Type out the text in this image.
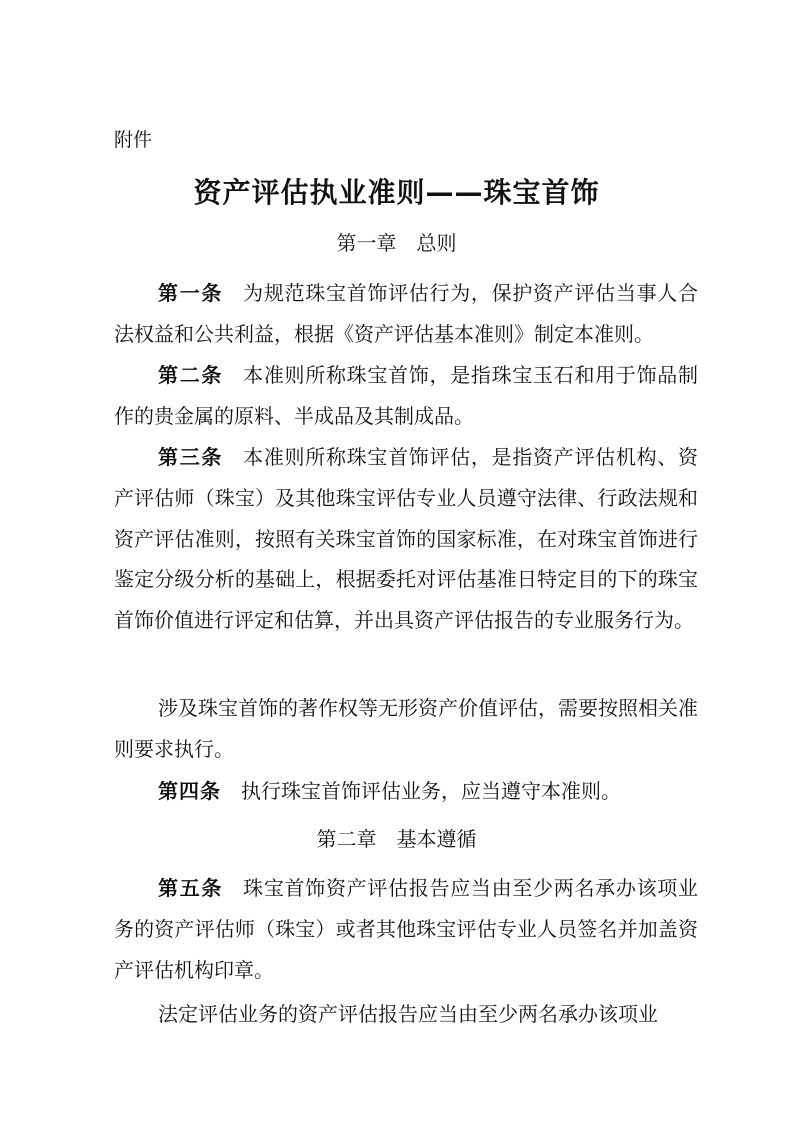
附件
资产评估执业准则——珠宝首饰
第一章　总则

第一条 为规范珠宝首饰评估行为，保护资产评估当事人合法权益和公共利益，根据《资产评估基本准则》制定本准则。

第二条 本准则所称珠宝首饰，是指珠宝玉石和用于饰品制作的贵金属的原料、半成品及其制成品。

第三条 本准则所称珠宝首饰评估，是指资产评估机构、资产评估师（珠宝）及其他珠宝评估专业人员遵守法律、行政法规和资产评估准则，按照有关珠宝首饰的国家标准，在对珠宝首饰进行鉴定分级分析的基础上，根据委托对评估基准日特定目的下的珠宝首饰价值进行评定和估算，并出具资产评估报告的专业服务行为。

涉及珠宝首饰的著作权等无形资产价值评估，需要按照相关准则要求执行。

第四条 执行珠宝首饰评估业务，应当遵守本准则。

第二章　基本遵循

第五条 珠宝首饰资产评估报告应当由至少两名承办该项业务的资产评估师（珠宝）或者其他珠宝评估专业人员签名并加盖资产评估机构印章。

法定评估业务的资产评估报告应当由至少两名承办该项业
